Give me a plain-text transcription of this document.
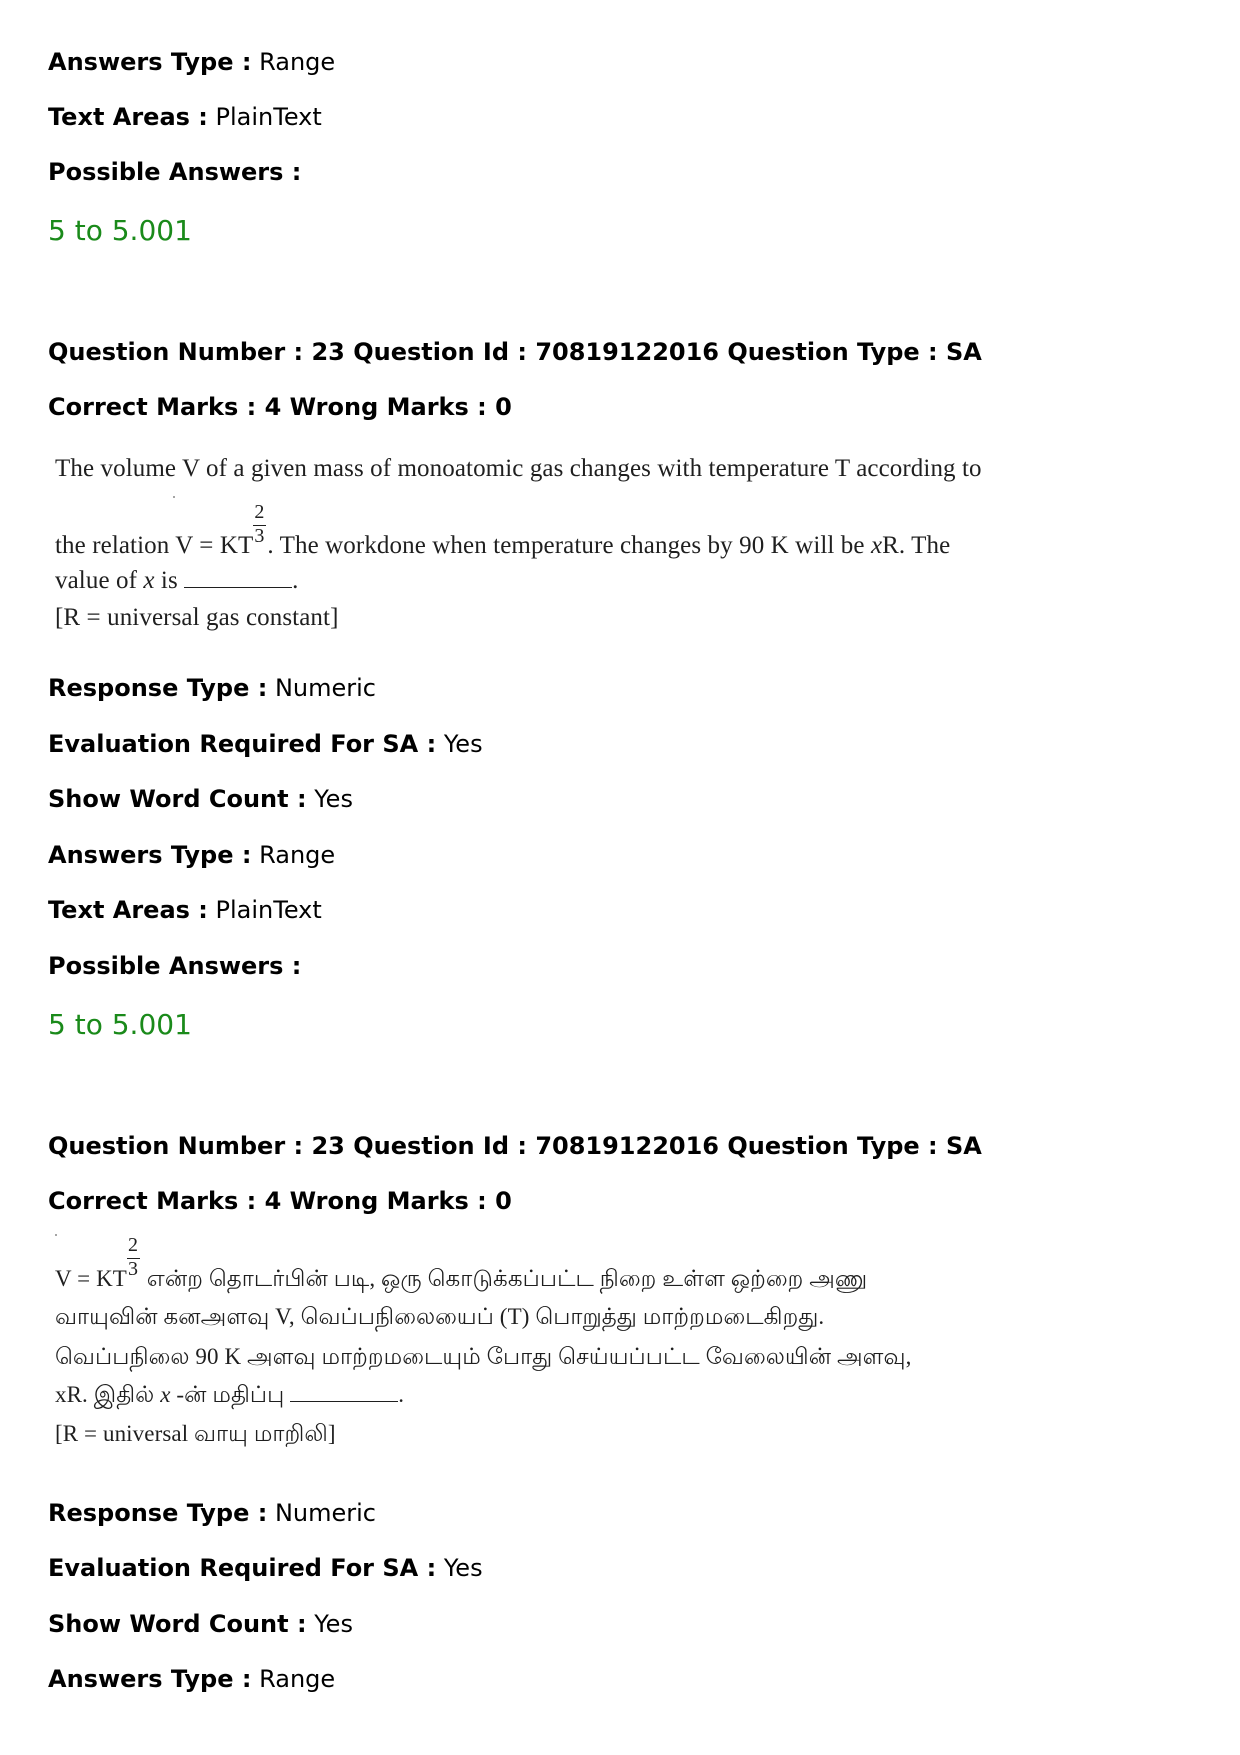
Answers Type : Range
Text Areas : PlainText
Possible Answers :
5 to 5.001
Question Number : 23 Question Id : 70819122016 Question Type : SA
Correct Marks : 4 Wrong Marks : 0
The volume V of a given mass of monoatomic gas changes with temperature T according to
the relation V = KT $\frac{2}{3}$ . The workdone when temperature changes by 90 K will be xR. The
value of x is	.
[R = universal gas constant]
Response Type : Numeric
Evaluation Required For SA : Yes
Show Word Count : Yes
Answers Type : Range
Text Areas : PlainText
Possible Answers :
5 to 5.001
Question Number : 23 Question Id : 70819122016 Question Type : SA
Correct Marks : 4 Wrong Marks : 0
V = KT $\frac{2}{3}$ என்ற தொடர்பின் படி, ஒரு கொடுக்கப்பட்ட நிறை உள்ள ஒற்றை அணு
வாயுவின் கனஅளவு V, வெப்பநிலையைப் (T) பொறுத்து மாற்றமடைகிறது.
வெப்பநிலை 90 K அளவு மாற்றமடையும் போது செய்யப்பட்ட வேலையின் அளவு,
xR. இதில் x -ன் மதிப்பு	.
[R = universal வாயு மாறிலி]
Response Type : Numeric
Evaluation Required For SA : Yes
Show Word Count : Yes
Answers Type : Range
